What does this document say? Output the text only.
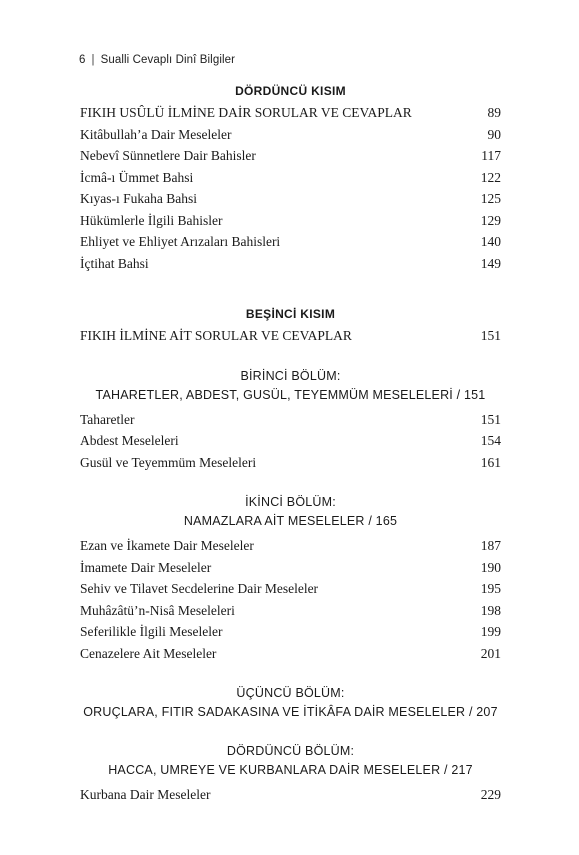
6 | Sualli Cevaplı Dinî Bilgiler
DÖRDÜNCÜ KISIM
FIKIH USÛLÜ İLMİNE DAİR SORULAR VE CEVAPLAR .....	89
Kitâbullah’a Dair Meseleler .....	90
Nebevî Sünnetlere Dair Bahisler .....	117
İcmâ-ı Ümmet Bahsi .....	122
Kıyas-ı Fukaha Bahsi .....	125
Hükümlerle İlgili Bahisler .....	129
Ehliyet ve Ehliyet Arızaları Bahisleri .....	140
İçtihat Bahsi .....	149
BEŞİNCİ KISIM
FIKIH İLMİNE AİT SORULAR VE CEVAPLAR .....	151
BİRİNCİ BÖLÜM:
TAHARETLER, ABDEST, GUSÜL, TEYEMMÜM MESELELERİ / 151
Taharetler .....	151
Abdest Meseleleri .....	154
Gusül ve Teyemmüm Meseleleri .....	161
İKİNCİ BÖLÜM:
NAMAZLARA AİT MESELELER / 165
Ezan ve İkamete Dair Meseleler .....	187
İmamete Dair Meseleler .....	190
Sehiv ve Tilavet Secdelerine Dair Meseleler .....	195
Muhâzâtü’n-Nisâ Meseleleri .....	198
Seferilikle İlgili Meseleler .....	199
Cenazelere Ait Meseleler .....	201
ÜÇÜNCÜ BÖLÜM:
ORUÇLARA, FITIR SADAKASINA VE İTİKÂFA DAİR MESELELER / 207
DÖRDÜNCÜ BÖLÜM:
HACCA, UMREYE VE KURBANLARA DAİR MESELELER / 217
Kurbana Dair Meseleler .....	229
